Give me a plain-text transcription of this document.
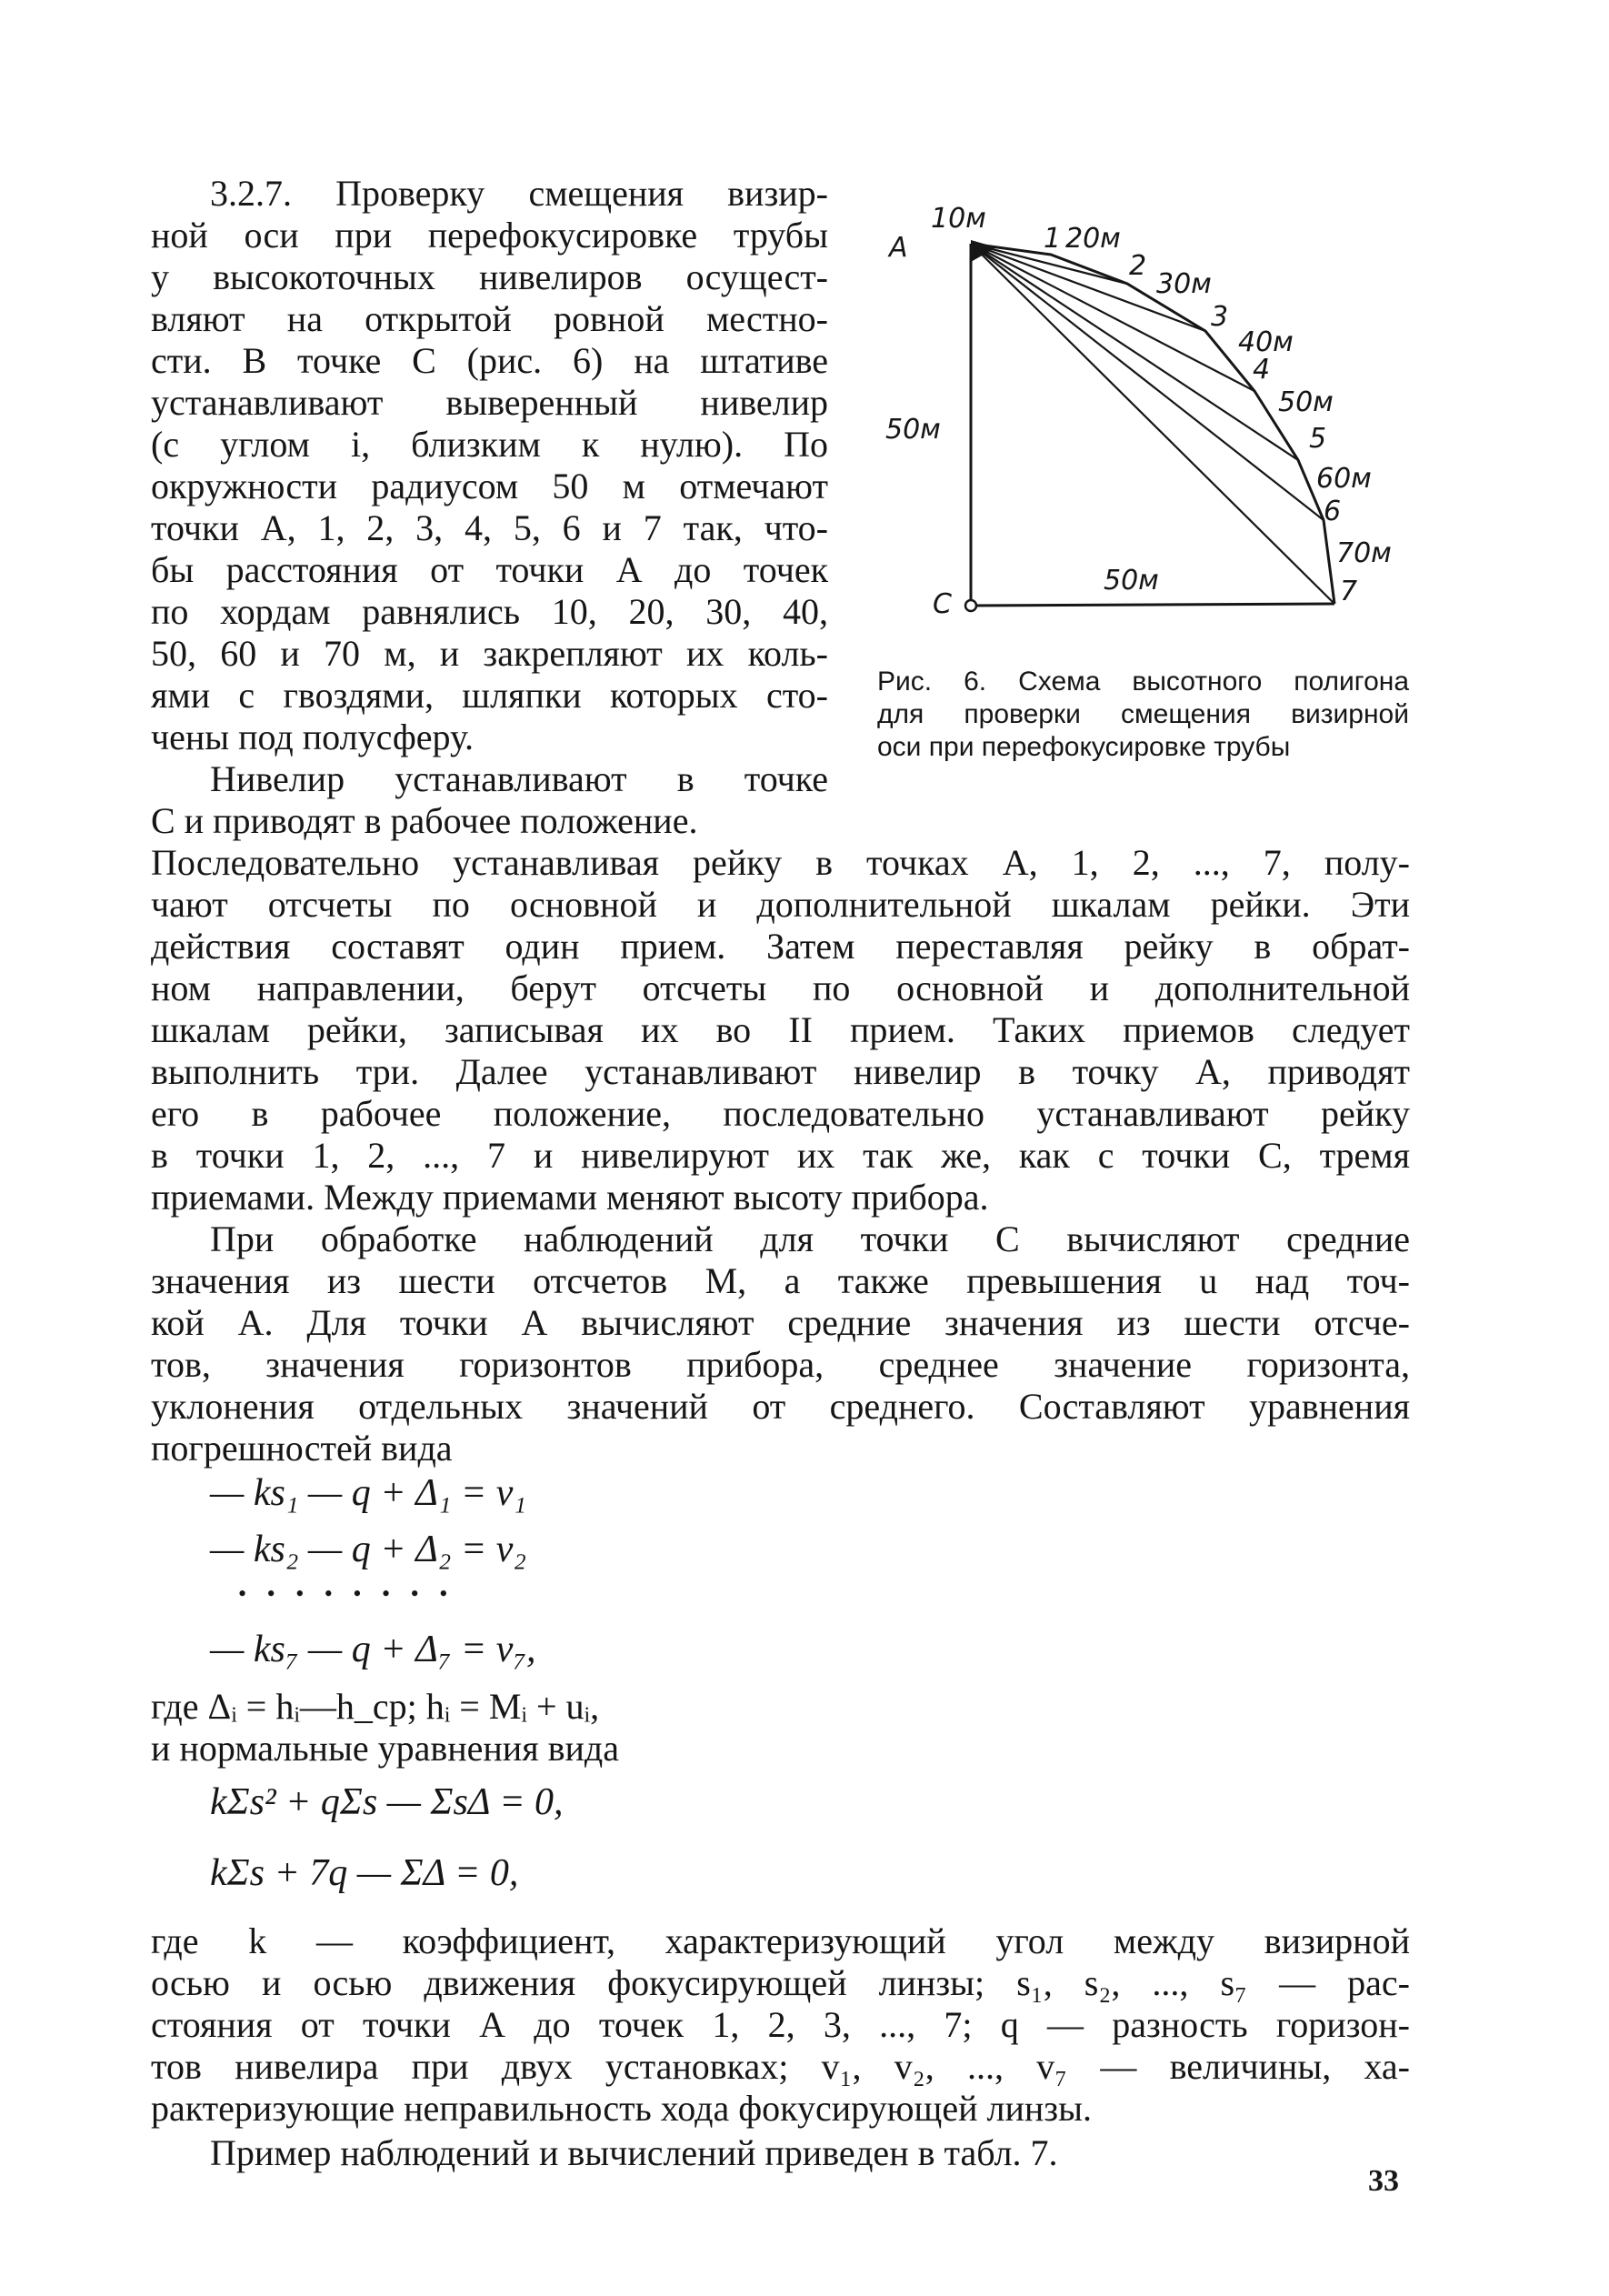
3.2.7. Проверку смещения визир-
ной оси при перефокусировке трубы
у высокоточных нивелиров осущест-
вляют на открытой ровной местно-
сти. В точке С (рис. 6) на штативе
устанавливают выверенный нивелир
(с углом i, близким к нулю). По
окружности радиусом 50 м отмечают
точки А, 1, 2, 3, 4, 5, 6 и 7 так, что-
бы расстояния от точки А до точек
по хордам равнялись 10, 20, 30, 40,
50, 60 и 70 м, и закрепляют их коль-
ями с гвоздями, шляпки которых сто-
чены под полусферу.
Нивелир устанавливают в точке
С и приводят в рабочее положение.
А
10м
1 20м
2
30м
3
40м
4
50м
5
60м
6
70м
7
50м
50м
С
Рис. 6. Схема высотного полигона
для проверки смещения визирной
оси при перефокусировке трубы
Последовательно устанавливая рейку в точках А, 1, 2, ..., 7, полу-
чают отсчеты по основной и дополнительной шкалам рейки. Эти
действия составят один прием. Затем переставляя рейку в обрат-
ном направлении, берут отсчеты по основной и дополнительной
шкалам рейки, записывая их во II прием. Таких приемов следует
выполнить три. Далее устанавливают нивелир в точку А, приводят
его в рабочее положение, последовательно устанавливают рейку
в точки 1, 2, ..., 7 и нивелируют их так же, как с точки С, тремя
приемами. Между приемами меняют высоту прибора.
При обработке наблюдений для точки С вычисляют средние
значения из шести отсчетов M, а также превышения u над точ-
кой А. Для точки А вычисляют средние значения из шести отсче-
тов, значения горизонтов прибора, среднее значение горизонта,
уклонения отдельных значений от среднего. Составляют уравнения
погрешностей вида
— ks₁ — q + Δ₁ = v₁
— ks₂ — q + Δ₂ = v₂
• • • • • • • •
— ks₇ — q + Δ₇ = v₇,
где Δᵢ = hᵢ—h_ср; hᵢ = Mᵢ + uᵢ,
и нормальные уравнения вида
kΣs² + qΣs — ΣsΔ = 0,
kΣs + 7q — ΣΔ = 0,
где k — коэффициент, характеризующий угол между визирной
осью и осью движения фокусирующей линзы; s₁, s₂, ..., s₇ — рас-
стояния от точки А до точек 1, 2, 3, ..., 7; q — разность горизон-
тов нивелира при двух установках; v₁, v₂, ..., v₇ — величины, ха-
рактеризующие неправильность хода фокусирующей линзы.
Пример наблюдений и вычислений приведен в табл. 7.
33
